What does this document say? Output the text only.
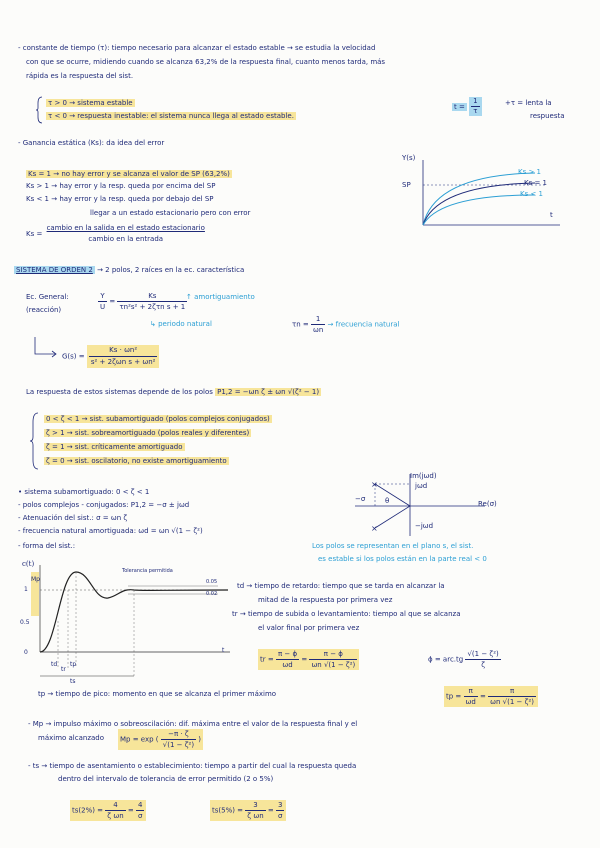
- constante de tiempo (τ): tiempo necesario para alcanzar el estado estable → se estudia la velocidad
con que se ocurre, midiendo cuando se alcanza 63,2% de la respuesta final, cuanto menos tarda, más
rápida es la respuesta del sist.
τ > 0 → sistema estable
τ < 0 → respuesta inestable: el sistema nunca llega al estado estable.
$t = \frac{1}{\tau}$	+τ = lenta la
respuesta
- Ganancia estática (Ks): da idea del error
Ks = 1 → no hay error y se alcanza el valor de SP (63,2%)
Ks > 1 → hay error y la resp. queda por encima del SP
Ks < 1 → hay error y la resp. queda por debajo del SP
llegar a un estado estacionario pero con error
$Ks = \frac{\text{cambio en la salida en el estado estacionario}}{\text{cambio en la entrada}}$
Y(s)
SP
Ks > 1
Ks = 1
Ks < 1
t
SISTEMA DE ORDEN 2 → 2 polos, 2 raíces en la ec. característica
Ec. General:
(reacción)	$\frac{Y}{U} = \frac{Ks}{\text{τn²s² + 2ζτn s + 1}}$
↑ amortiguamiento
↳ periodo natural	$\tau n = \frac{1}{\omega n}$ → frecuencia natural
$G(s) = \frac{\text{Ks · ωn²}}{\text{s² + 2ζωn s + ωn²}}$
La respuesta de estos sistemas depende de los polos P1,2 = −ωn ζ ± ωn √(ζ² − 1)
0 < ζ < 1 → sist. subamortiguado (polos complejos conjugados)
ζ > 1 → sist. sobreamortiguado (polos reales y diferentes)
ζ = 1 → sist. críticamente amortiguado
ζ = 0 → sist. oscilatorio, no existe amortiguamiento
• sistema subamortiguado: 0 < ζ < 1
- polos complejos - conjugados: P1,2 = −σ ± jωd
- Atenuación del sist.: σ = ωn ζ
- frecuencia natural amortiguada: ωd = ωn √(1 − ζ²)
- forma del sist.:
×
×
Im(jωd)
jωd
−jωd
Re(σ)
−σ	θ
Los polos se representan en el plano s, el sist.
es estable si los polos están en la parte real < 0
c(t)
Tolerancia permitida
0.05
0.02
Mp
1
0.5
0
td
tr
tp
ts
t
td → tiempo de retardo: tiempo que se tarda en alcanzar la
mitad de la respuesta por primera vez
tr → tiempo de subida o levantamiento: tiempo al que se alcanza
el valor final por primera vez
tr = $\frac{\pi - \phi}{\omega d} = \frac{\pi - \phi}{\text{ωn √(1 − ζ²)}}$	$\phi = arc.tg \frac{\text{√(1 − ζ²)}}{\zeta}$
tp → tiempo de pico: momento en que se alcanza el primer máximo	tp = $\frac{\pi}{\omega d} = \frac{\pi}{\text{ωn √(1 − ζ²)}}$
- Mp → impulso máximo o sobreoscilación: dif. máxima entre el valor de la respuesta final y el
máximo alcanzado Mp = exp ( $\frac{-\pi \cdot \zeta}{\text{√(1 − ζ²)}}$ )
- ts → tiempo de asentamiento o establecimiento: tiempo a partir del cual la respuesta queda
dentro del intervalo de tolerancia de error permitido (2 o 5%)
$ts(2\%) = \frac{4}{\text{ζ ωn}} = \frac{4}{\sigma}$	$ts(5\%) = \frac{3}{\text{ζ ωn}} = \frac{3}{\sigma}$
